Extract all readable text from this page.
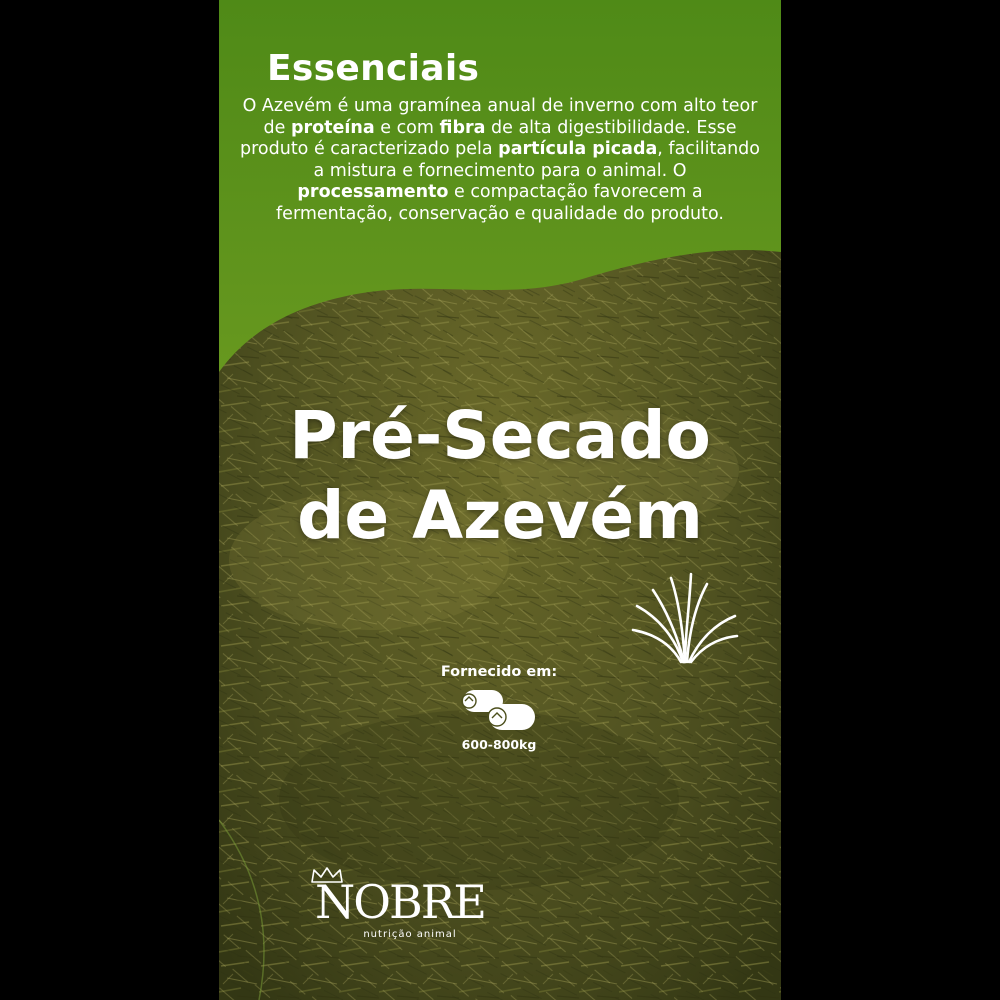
Essenciais

O Azevém é uma gramínea anual de inverno com alto teor de proteína e com fibra de alta digestibilidade. Esse produto é caracterizado pela partícula picada, facilitando a mistura e fornecimento para o animal. O processamento e compactação favorecem a fermentação, conservação e qualidade do produto.

Pré-Secado
de Azevém

Fornecido em:

600-800kg

NOBRE

nutrição animal
